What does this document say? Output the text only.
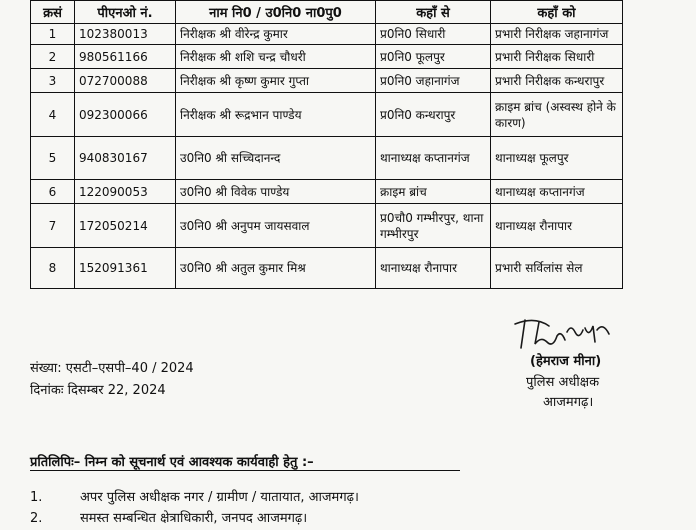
क्रसं	पीएनओ नं.	नाम नि0 / उ0नि0 ना0पु0	कहाँ से	कहाँ को
1	102380013	निरीक्षक श्री वीरेन्द्र कुमार	प्र0नि0 सिधारी	प्रभारी निरीक्षक जहानागंज
2	980561166	निरीक्षक श्री शशि चन्द्र चौधरी	प्र0नि0 फूलपुर	प्रभारी निरीक्षक सिधारी
3	072700088	निरीक्षक श्री कृष्ण कुमार गुप्ता	प्र0नि0 जहानागंज	प्रभारी निरीक्षक कन्धरापुर
4	092300066	निरीक्षक श्री रूद्रभान पाण्डेय	प्र0नि0 कन्धरापुर	क्राइम ब्रांच (अस्वस्थ होने के कारण)
5	940830167	उ0नि0 श्री सच्चिदानन्द	थानाध्यक्ष कप्तानगंज	थानाध्यक्ष फूलपुर
6	122090053	उ0नि0 श्री विवेक पाण्डेय	क्राइम ब्रांच	थानाध्यक्ष कप्तानगंज
7	172050214	उ0नि0 श्री अनुपम जायसवाल	प्र0चौ0 गम्भीरपुर, थाना गम्भीरपुर	थानाध्यक्ष रौनापार
8	152091361	उ0नि0 श्री अतुल कुमार मिश्र	थानाध्यक्ष रौनापार	प्रभारी सर्विलांस सेल
(हेमराज मीना)
पुलिस अधीक्षक
आजमगढ़।
संख्या: एसटी–एसपी–40 / 2024
दिनांकः दिसम्बर 22, 2024
प्रतिलिपिः– निम्न को सूचनार्थ एवं आवश्यक कार्यवाही हेतु :–
1.	अपर पुलिस अधीक्षक नगर / ग्रामीण / यातायात, आजमगढ़।
2.	समस्त सम्बन्धित क्षेत्राधिकारी, जनपद आजमगढ़।
